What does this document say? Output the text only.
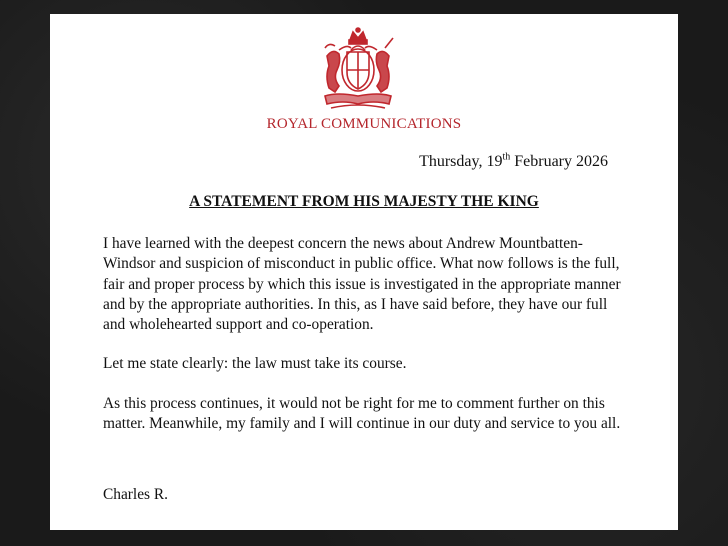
ROYAL COMMUNICATIONS
Thursday, 19th February 2026
A STATEMENT FROM HIS MAJESTY THE KING

I have learned with the deepest concern the news about Andrew Mountbatten-Windsor and suspicion of misconduct in public office. What now follows is the full, fair and proper process by which this issue is investigated in the appropriate manner and by the appropriate authorities. In this, as I have said before, they have our full and wholehearted support and co-operation.

Let me state clearly: the law must take its course.

As this process continues, it would not be right for me to comment further on this matter. Meanwhile, my family and I will continue in our duty and service to you all.

Charles R.
